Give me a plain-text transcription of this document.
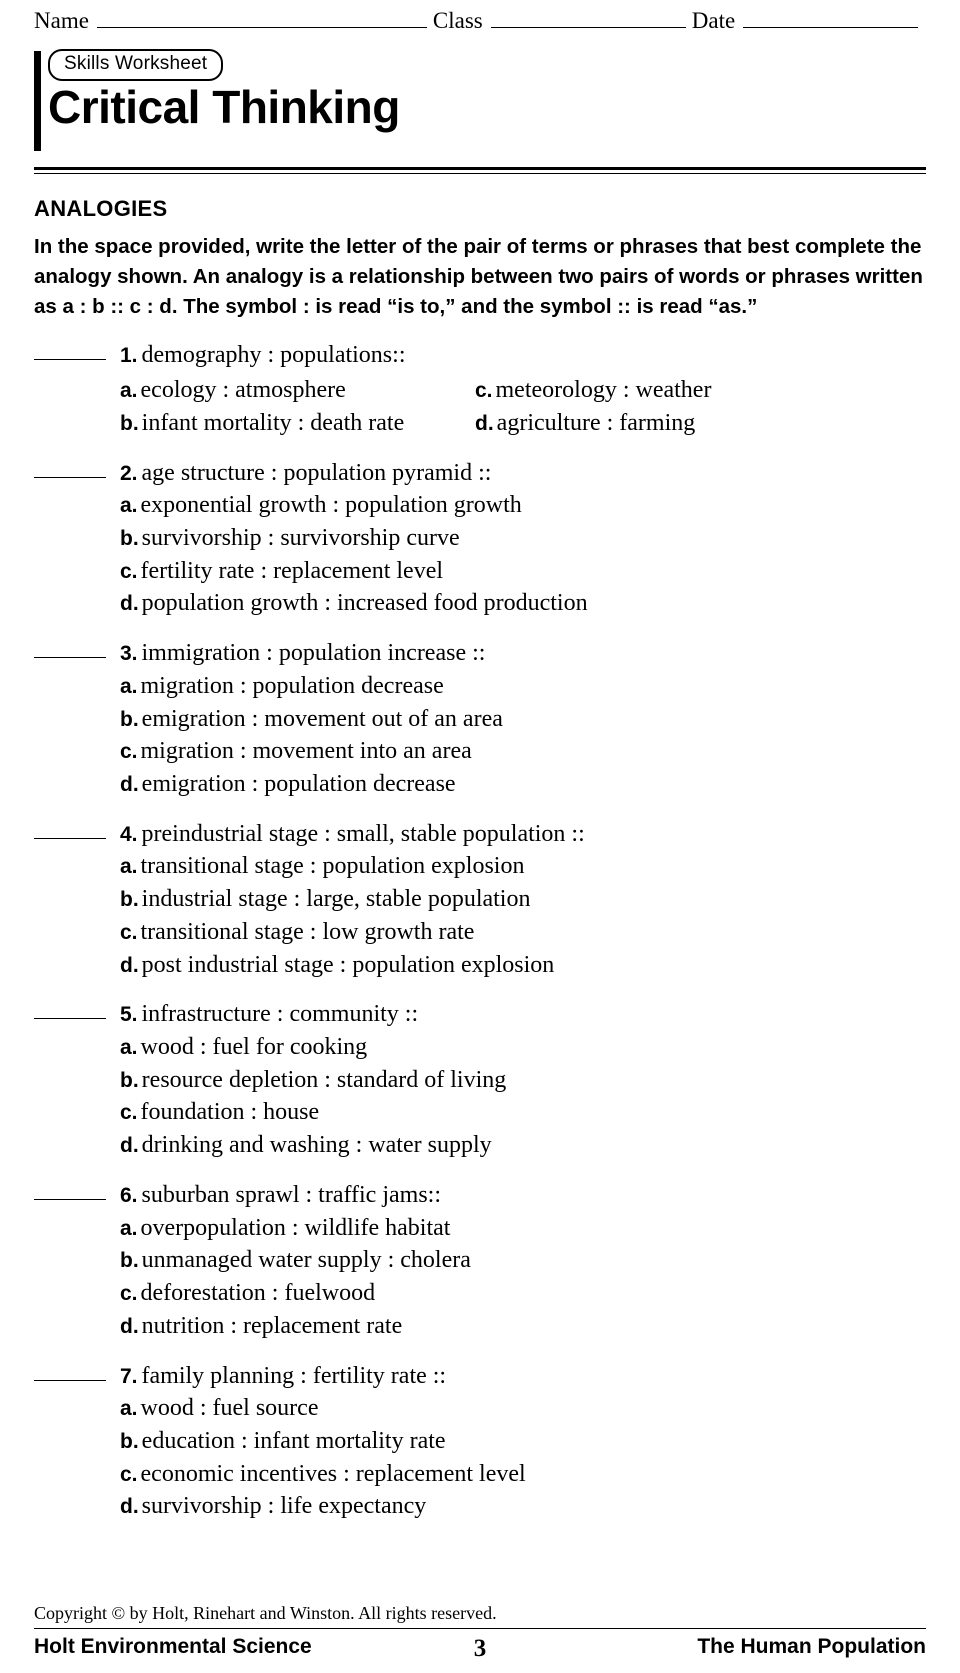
Name	Class	Date
Skills Worksheet
Critical Thinking
ANALOGIES
In the space provided, write the letter of the pair of terms or phrases that best complete the analogy shown. An analogy is a relationship between two pairs of words or phrases written as a : b :: c : d. The symbol : is read “is to,” and the symbol :: is read “as.”
1. demography : populations::
a. ecology : atmosphere	c. meteorology : weather
b. infant mortality : death rate	d. agriculture : farming
2. age structure : population pyramid ::
a. exponential growth : population growth
b. survivorship : survivorship curve
c. fertility rate : replacement level
d. population growth : increased food production
3. immigration : population increase ::
a. migration : population decrease
b. emigration : movement out of an area
c. migration : movement into an area
d. emigration : population decrease
4. preindustrial stage : small, stable population ::
a. transitional stage : population explosion
b. industrial stage : large, stable population
c. transitional stage : low growth rate
d. post industrial stage : population explosion
5. infrastructure : community ::
a. wood : fuel for cooking
b. resource depletion : standard of living
c. foundation : house
d. drinking and washing : water supply
6. suburban sprawl : traffic jams::
a. overpopulation : wildlife habitat
b. unmanaged water supply : cholera
c. deforestation : fuelwood
d. nutrition : replacement rate
7. family planning : fertility rate ::
a. wood : fuel source
b. education : infant mortality rate
c. economic incentives : replacement level
d. survivorship : life expectancy
Copyright © by Holt, Rinehart and Winston. All rights reserved.
Holt Environmental Science	3	The Human Population
